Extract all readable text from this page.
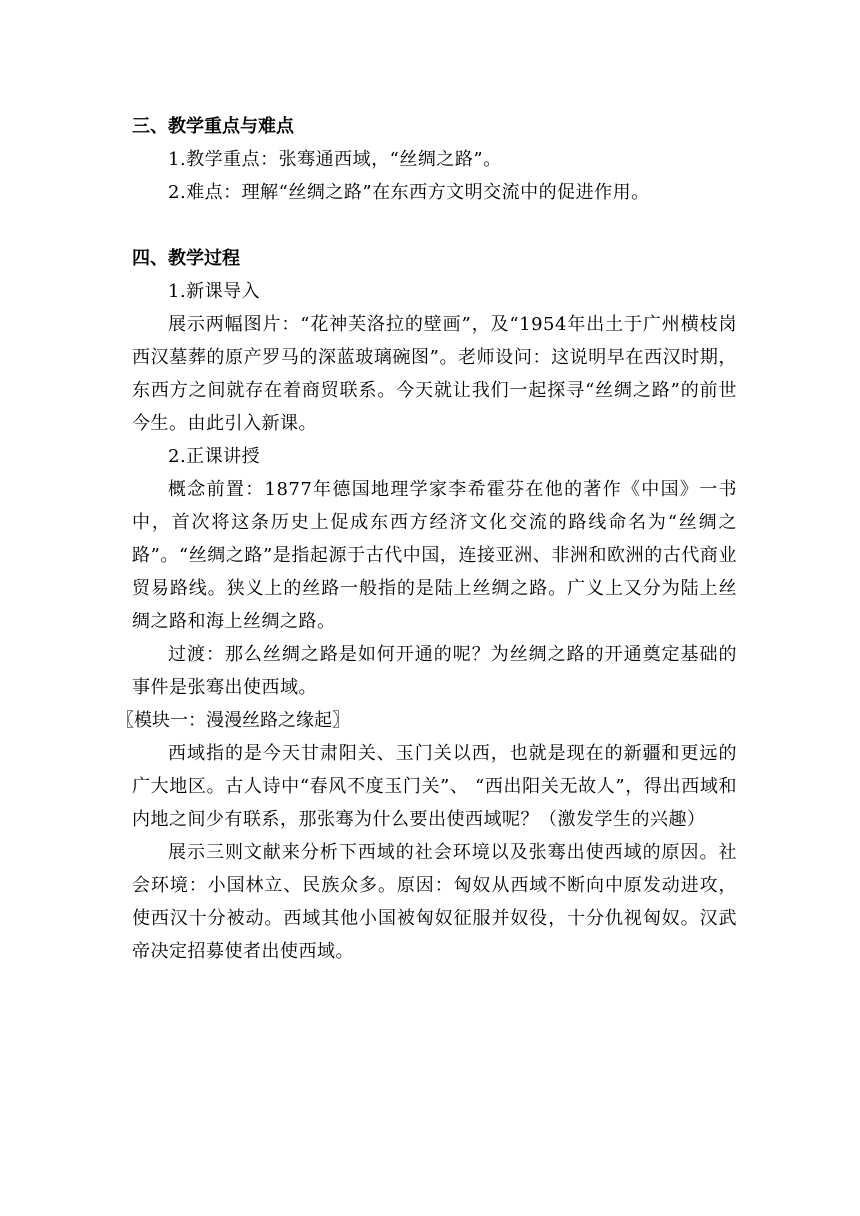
三、教学重点与难点

1.教学重点：张骞通西域，“丝绸之路”。

2.难点：理解“丝绸之路”在东西方文明交流中的促进作用。

四、教学过程

1.新课导入

展示两幅图片：“花神芙洛拉的壁画”，及“1954年出土于广州横枝岗西汉墓葬的原产罗马的深蓝玻璃碗图”。老师设问：这说明早在西汉时期，东西方之间就存在着商贸联系。今天就让我们一起探寻“丝绸之路”的前世今生。由此引入新课。

2.正课讲授

概念前置：1877年德国地理学家李希霍芬在他的著作《中国》一书中，首次将这条历史上促成东西方经济文化交流的路线命名为“丝绸之路”。“丝绸之路”是指起源于古代中国，连接亚洲、非洲和欧洲的古代商业贸易路线。狭义上的丝路一般指的是陆上丝绸之路。广义上又分为陆上丝绸之路和海上丝绸之路。

过渡：那么丝绸之路是如何开通的呢？为丝绸之路的开通奠定基础的事件是张骞出使西域。

〖模块一：漫漫丝路之缘起〗

西域指的是今天甘肃阳关、玉门关以西，也就是现在的新疆和更远的广大地区。古人诗中“春风不度玉门关”、 “西出阳关无故人”，得出西域和内地之间少有联系，那张骞为什么要出使西域呢？（激发学生的兴趣）

展示三则文献来分析下西域的社会环境以及张骞出使西域的原因。社会环境：小国林立、民族众多。原因：匈奴从西域不断向中原发动进攻，使西汉十分被动。西域其他小国被匈奴征服并奴役，十分仇视匈奴。汉武帝决定招募使者出使西域。
